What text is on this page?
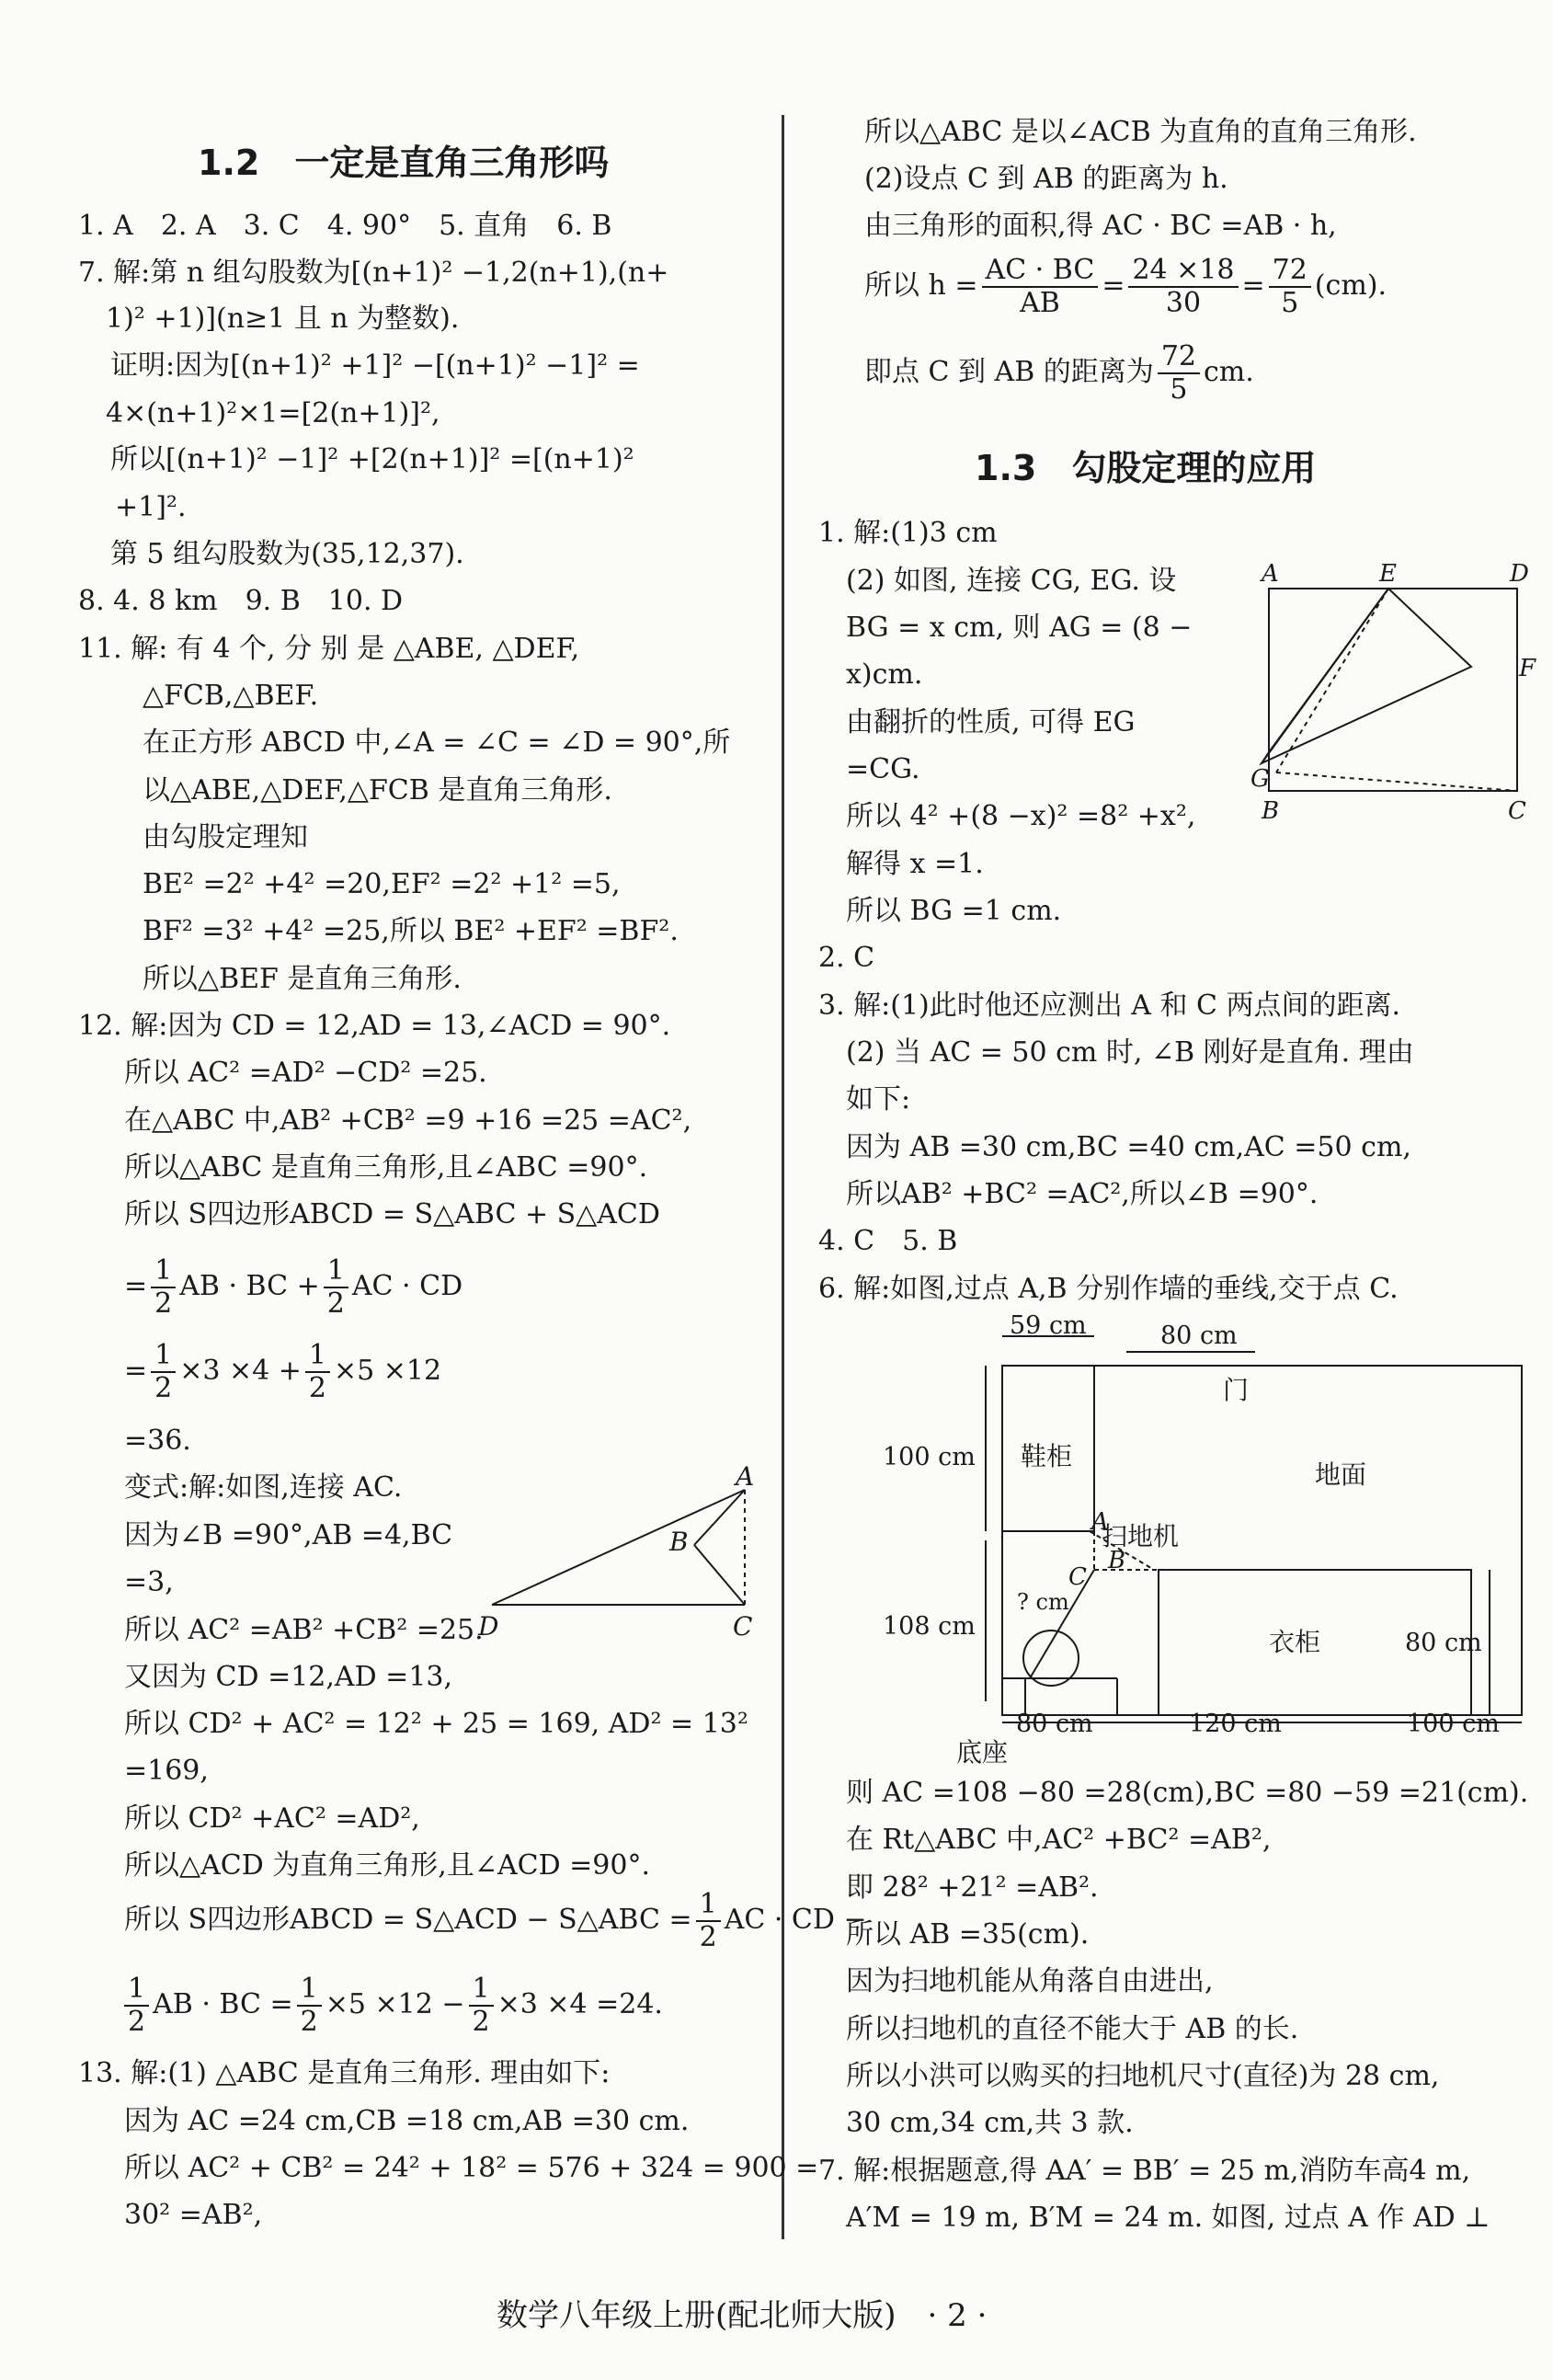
1.2　一定是直角三角形吗
1. A　2. A　3. C　4. 90°　5. 直角　6. B
7. 解:第 n 组勾股数为[(n+1)² −1,2(n+1),(n+
1)² +1)](n≥1 且 n 为整数).
证明:因为[(n+1)² +1]² −[(n+1)² −1]² =
4×(n+1)²×1=[2(n+1)]²,
所以[(n+1)² −1]² +[2(n+1)]² =[(n+1)²
+1]².
第 5 组勾股数为(35,12,37).
8. 4. 8 km　9. B　10. D
11. 解: 有 4 个, 分 别 是 △ABE, △DEF,
△FCB,△BEF.
在正方形 ABCD 中,∠A = ∠C = ∠D = 90°,所
以△ABE,△DEF,△FCB 是直角三角形.
由勾股定理知
BE² =2² +4² =20,EF² =2² +1² =5,
BF² =3² +4² =25,所以 BE² +EF² =BF².
所以△BEF 是直角三角形.
12. 解:因为 CD = 12,AD = 13,∠ACD = 90°.
所以 AC² =AD² −CD² =25.
在△ABC 中,AB² +CB² =9 +16 =25 =AC²,
所以△ABC 是直角三角形,且∠ABC =90°.
所以 S四边形ABCD = S△ABC + S△ACD
= $\frac{1}{2}$ AB · BC + $\frac{1}{2}$ AC · CD
= $\frac{1}{2} \times 3 \times 4 + \frac{1}{2} \times 5 \times 12$
=36.
变式:解:如图,连接 AC.
因为∠B =90°,AB =4,BC
=3,
所以 AC² =AB² +CB² =25.
又因为 CD =12,AD =13,
所以 CD² + AC² = 12² + 25 = 169, AD² = 13²
=169,
所以 CD² +AC² =AD²,
所以△ACD 为直角三角形,且∠ACD =90°.
所以 S四边形ABCD = S△ACD − S△ABC = $\frac{1}{2}$ AC · CD −
$\frac{1}{2}$ AB · BC = $\frac{1}{2} \times 5 \times 12 - \frac{1}{2} \times 3 \times 4 =24$.
13. 解:(1) △ABC 是直角三角形. 理由如下:
因为 AC =24 cm,CB =18 cm,AB =30 cm.
所以 AC² + CB² = 24² + 18² = 576 + 324 = 900 =
30² =AB²,
A
B
C
D
所以△ABC 是以∠ACB 为直角的直角三角形.
(2)设点 C 到 AB 的距离为 h.
由三角形的面积,得 AC · BC =AB · h,
所以 $h = \frac{AC \cdot BC}{AB} = \frac{24 \times 18}{30} = \frac{72}{5} (cm)$.
即点 C 到 AB 的距离为 $\frac{72}{5}$ cm.
1.3　勾股定理的应用
1. 解:(1)3 cm
(2) 如图, 连接 CG, EG. 设
BG = x cm, 则 AG = (8 −
x)cm.
由翻折的性质, 可得 EG
=CG.
所以 4² +(8 −x)² =8² +x²,
解得 x =1.
所以 BG =1 cm.
2. C
3. 解:(1)此时他还应测出 A 和 C 两点间的距离.
(2) 当 AC = 50 cm 时, ∠B 刚好是直角. 理由
如下:
因为 AB =30 cm,BC =40 cm,AC =50 cm,
所以AB² +BC² =AC²,所以∠B =90°.
4. C　5. B
6. 解:如图,过点 A,B 分别作墙的垂线,交于点 C.
则 AC =108 −80 =28(cm),BC =80 −59 =21(cm).
在 Rt△ABC 中,AC² +BC² =AB²,
即 28² +21² =AB².
所以 AB =35(cm).
因为扫地机能从角落自由进出,
所以扫地机的直径不能大于 AB 的长.
所以小洪可以购买的扫地机尺寸(直径)为 28 cm,
30 cm,34 cm,共 3 款.
7. 解:根据题意,得 AA′ = BB′ = 25 m,消防车高4 m,
A′M = 19 m, B′M = 24 m. 如图, 过点 A 作 AD ⊥
A	E	D
F
G
B	C
59 cm	80 cm
门
鞋柜
地面
100 cm
扫地机
A
B
C
? cm
108 cm
衣柜	80 cm
底座
80 cm	120 cm	100 cm
数学八年级上册(配北师大版)　· 2 ·
